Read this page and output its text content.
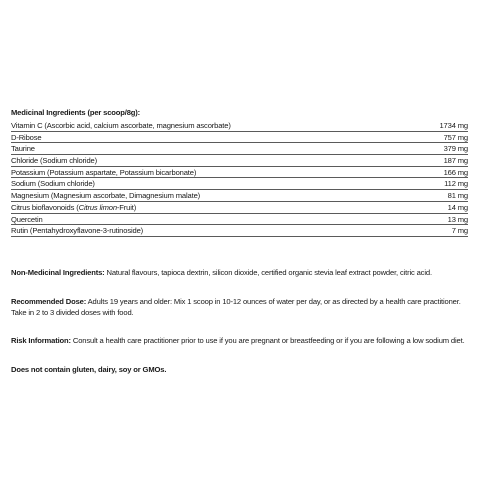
Medicinal Ingredients (per scoop/8g):
Vitamin C (Ascorbic acid, calcium ascorbate, magnesium ascorbate)	1734 mg
D-Ribose	757 mg
Taurine	379 mg
Chloride (Sodium chloride)	187 mg
Potassium (Potassium aspartate, Potassium bicarbonate)	166 mg
Sodium (Sodium chloride)	112 mg
Magnesium (Magnesium ascorbate, Dimagnesium malate)	81 mg
Citrus bioflavonoids (Citrus limon-Fruit)	14 mg
Quercetin	13 mg
Rutin (Pentahydroxyflavone-3-rutinoside)	7 mg
Non-Medicinal Ingredients: Natural flavours, tapioca dextrin, silicon dioxide, certified organic stevia leaf extract powder, citric acid.
Recommended Dose: Adults 19 years and older: Mix 1 scoop in 10-12 ounces of water per day, or as directed by a health care practitioner. Take in 2 to 3 divided doses with food.
Risk Information: Consult a health care practitioner prior to use if you are pregnant or breastfeeding or if you are following a low sodium diet.
Does not contain gluten, dairy, soy or GMOs.
